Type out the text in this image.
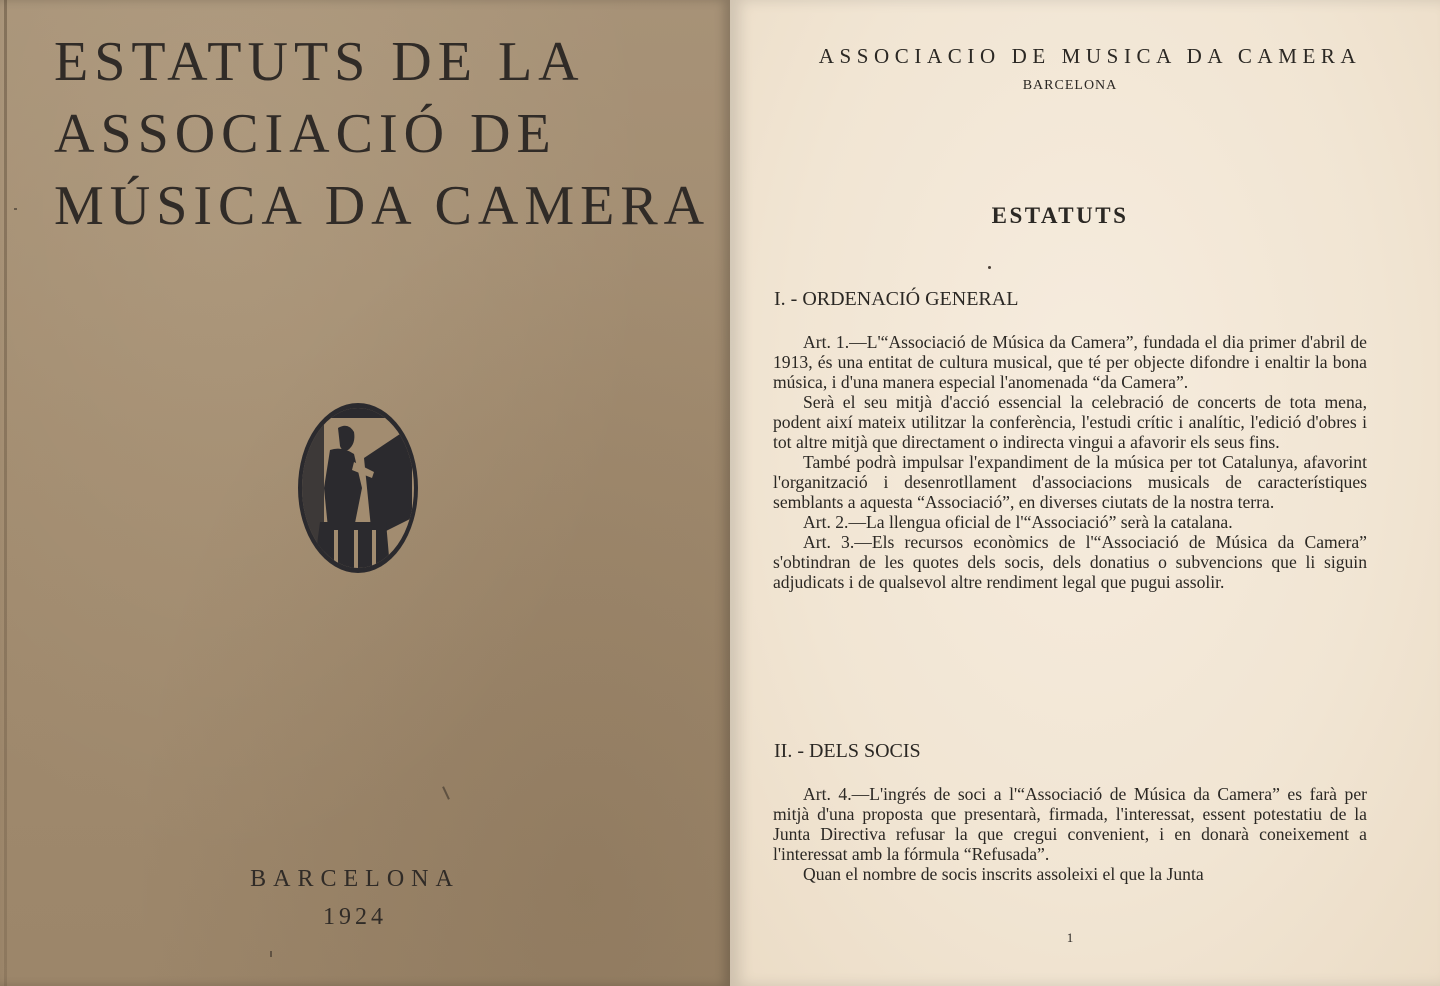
ESTATUTS DE LA
ASSOCIACIÓ DE
MÚSICA DA CAMERA
BARCELONA
1924
ASSOCIACIO DE MUSICA DA CAMERA
BARCELONA
ESTATUTS
I. - ORDENACIÓ GENERAL

Art. 1.—L'“Associació de Música da Camera”, fundada el dia primer d'abril de 1913, és una entitat de cultura musical, que té per objecte difondre i enaltir la bona música, i d'una manera especial l'anomenada “da Camera”.

Serà el seu mitjà d'acció essencial la celebració de concerts de tota mena, podent així mateix utilitzar la conferència, l'estudi crític i analític, l'edició d'obres i tot altre mitjà que directament o indirecta vingui a afavorir els seus fins.

També podrà impulsar l'expandiment de la música per tot Catalunya, afavorint l'organització i desenrotllament d'associacions musicals de característiques semblants a aquesta “Associació”, en diverses ciutats de la nostra terra.

Art. 2.—La llengua oficial de l'“Associació” serà la catalana.

Art. 3.—Els recursos econòmics de l'“Associació de Música da Camera” s'obtindran de les quotes dels socis, dels donatius o subvencions que li siguin adjudicats i de qualsevol altre rendiment legal que pugui assolir.

II. - DELS SOCIS

Art. 4.—L'ingrés de soci a l'“Associació de Música da Camera” es farà per mitjà d'una proposta que presentarà, firmada, l'interessat, essent potestatiu de la Junta Directiva refusar la que cregui convenient, i en donarà coneixement a l'interessat amb la fórmula “Refusada”.

Quan el nombre de socis inscrits assoleixi el que la Junta

1
